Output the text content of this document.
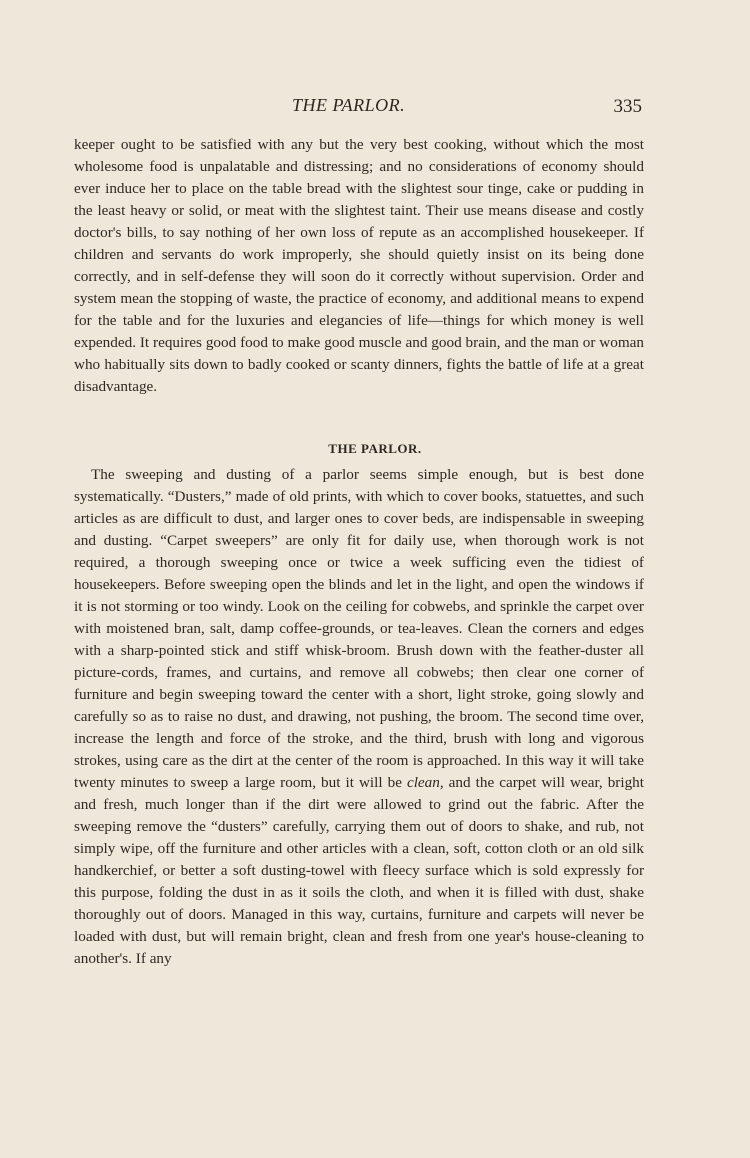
THE PARLOR.	335

keeper ought to be satisfied with any but the very best cooking, without which the most wholesome food is unpalatable and distressing; and no considerations of economy should ever induce her to place on the table bread with the slightest sour tinge, cake or pudding in the least heavy or solid, or meat with the slightest taint. Their use means disease and costly doctor's bills, to say nothing of her own loss of repute as an accomplished housekeeper. If children and servants do work improperly, she should quietly insist on its being done correctly, and in self-defense they will soon do it correctly without supervision. Order and system mean the stopping of waste, the practice of economy, and additional means to expend for the table and for the luxuries and elegancies of life—things for which money is well expended. It requires good food to make good muscle and good brain, and the man or woman who habitually sits down to badly cooked or scanty dinners, fights the battle of life at a great disadvantage.

THE PARLOR.

The sweeping and dusting of a parlor seems simple enough, but is best done systematically. “Dusters,” made of old prints, with which to cover books, statuettes, and such articles as are difficult to dust, and larger ones to cover beds, are indispensable in sweeping and dusting. “Carpet sweepers” are only fit for daily use, when thorough work is not required, a thorough sweeping once or twice a week sufficing even the tidiest of housekeepers. Before sweeping open the blinds and let in the light, and open the windows if it is not storming or too windy. Look on the ceiling for cobwebs, and sprinkle the carpet over with moistened bran, salt, damp coffee-grounds, or tea-leaves. Clean the corners and edges with a sharp-pointed stick and stiff whisk-broom. Brush down with the feather-duster all picture-cords, frames, and curtains, and remove all cobwebs; then clear one corner of furniture and begin sweeping toward the center with a short, light stroke, going slowly and carefully so as to raise no dust, and drawing, not pushing, the broom. The second time over, increase the length and force of the stroke, and the third, brush with long and vigorous strokes, using care as the dirt at the center of the room is approached. In this way it will take twenty minutes to sweep a large room, but it will be clean, and the carpet will wear, bright and fresh, much longer than if the dirt were allowed to grind out the fabric. After the sweeping remove the “dusters” carefully, carrying them out of doors to shake, and rub, not simply wipe, off the furniture and other articles with a clean, soft, cotton cloth or an old silk handkerchief, or better a soft dusting-towel with fleecy surface which is sold expressly for this purpose, folding the dust in as it soils the cloth, and when it is filled with dust, shake thoroughly out of doors. Managed in this way, curtains, furniture and carpets will never be loaded with dust, but will remain bright, clean and fresh from one year's house-cleaning to another's. If any
